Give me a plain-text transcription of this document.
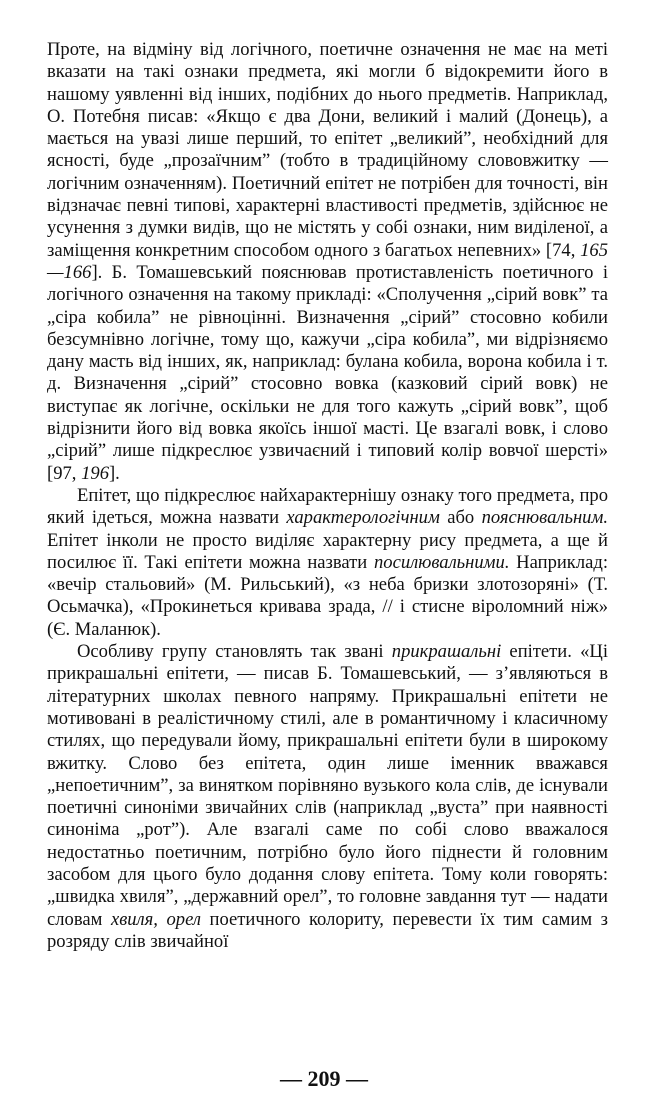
Проте, на відміну від логічного, поетичне означення не має на меті вказати на такі ознаки предмета, які могли б відокремити його в нашому уявленні від інших, подібних до нього предметів. Наприклад, О. Потебня писав: «Якщо є два Дони, великий і малий (Донець), а мається на увазі лише перший, то епітет „великий”, необхідний для ясності, буде „прозаїчним” (тобто в традиційному слововжитку — логічним означенням). Поетичний епітет не потрібен для точності, він відзначає певні типові, характерні властивості предметів, здійснює не усунення з думки видів, що не містять у собі ознаки, ним виділеної, а заміщення конкретним способом одного з багатьох непевних» [74, 165—166]. Б. Томашевський пояснював протиставленість поетичного і логічного означення на такому прикладі: «Сполучення „сірий вовк” та „сіра кобила” не рівноцінні. Визначення „сірий” стосовно кобили безсумнівно логічне, тому що, кажучи „сіра кобила”, ми відрізняємо дану масть від інших, як, наприклад: булана кобила, ворона кобила і т. д. Визначення „сірий” стосовно вовка (казковий сірий вовк) не виступає як логічне, оскільки не для того кажуть „сірий вовк”, щоб відрізнити його від вовка якоїсь іншої масті. Це взагалі вовк, і слово „сірий” лише підкреслює узвичаєний і типовий колір вовчої шерсті» [97, 196].

Епітет, що підкреслює найхарактернішу ознаку того предмета, про який ідеться, можна назвати характерологічним або пояснювальним. Епітет інколи не просто виділяє характерну рису предмета, а ще й посилює її. Такі епітети можна назвати посилювальними. Наприклад: «вечір стальовий» (М. Рильський), «з неба бризки злотозоряні» (Т. Осьмачка), «Прокинеться кривава зрада, // і стисне віроломний ніж» (Є. Маланюк).

Особливу групу становлять так звані прикрашальні епітети. «Ці прикрашальні епітети, — писав Б. Томашевський, — з’являються в літературних школах певного напряму. Прикрашальні епітети не мотивовані в реалістичному стилі, але в романтичному і класичному стилях, що передували йому, прикрашальні епітети були в широкому вжитку. Слово без епітета, один лише іменник вважався „непоетичним”, за винятком порівняно вузького кола слів, де існували поетичні синоніми звичайних слів (наприклад „вуста” при наявності синоніма „рот”). Але взагалі саме по собі слово вважалося недостатньо поетичним, потрібно було його піднести й головним засобом для цього було додання слову епітета. Тому коли говорять: „швидка хвиля”, „державний орел”, то головне завдання тут — надати словам хвиля, орел поетичного колориту, перевести їх тим самим з розряду слів звичайної

— 209 —
